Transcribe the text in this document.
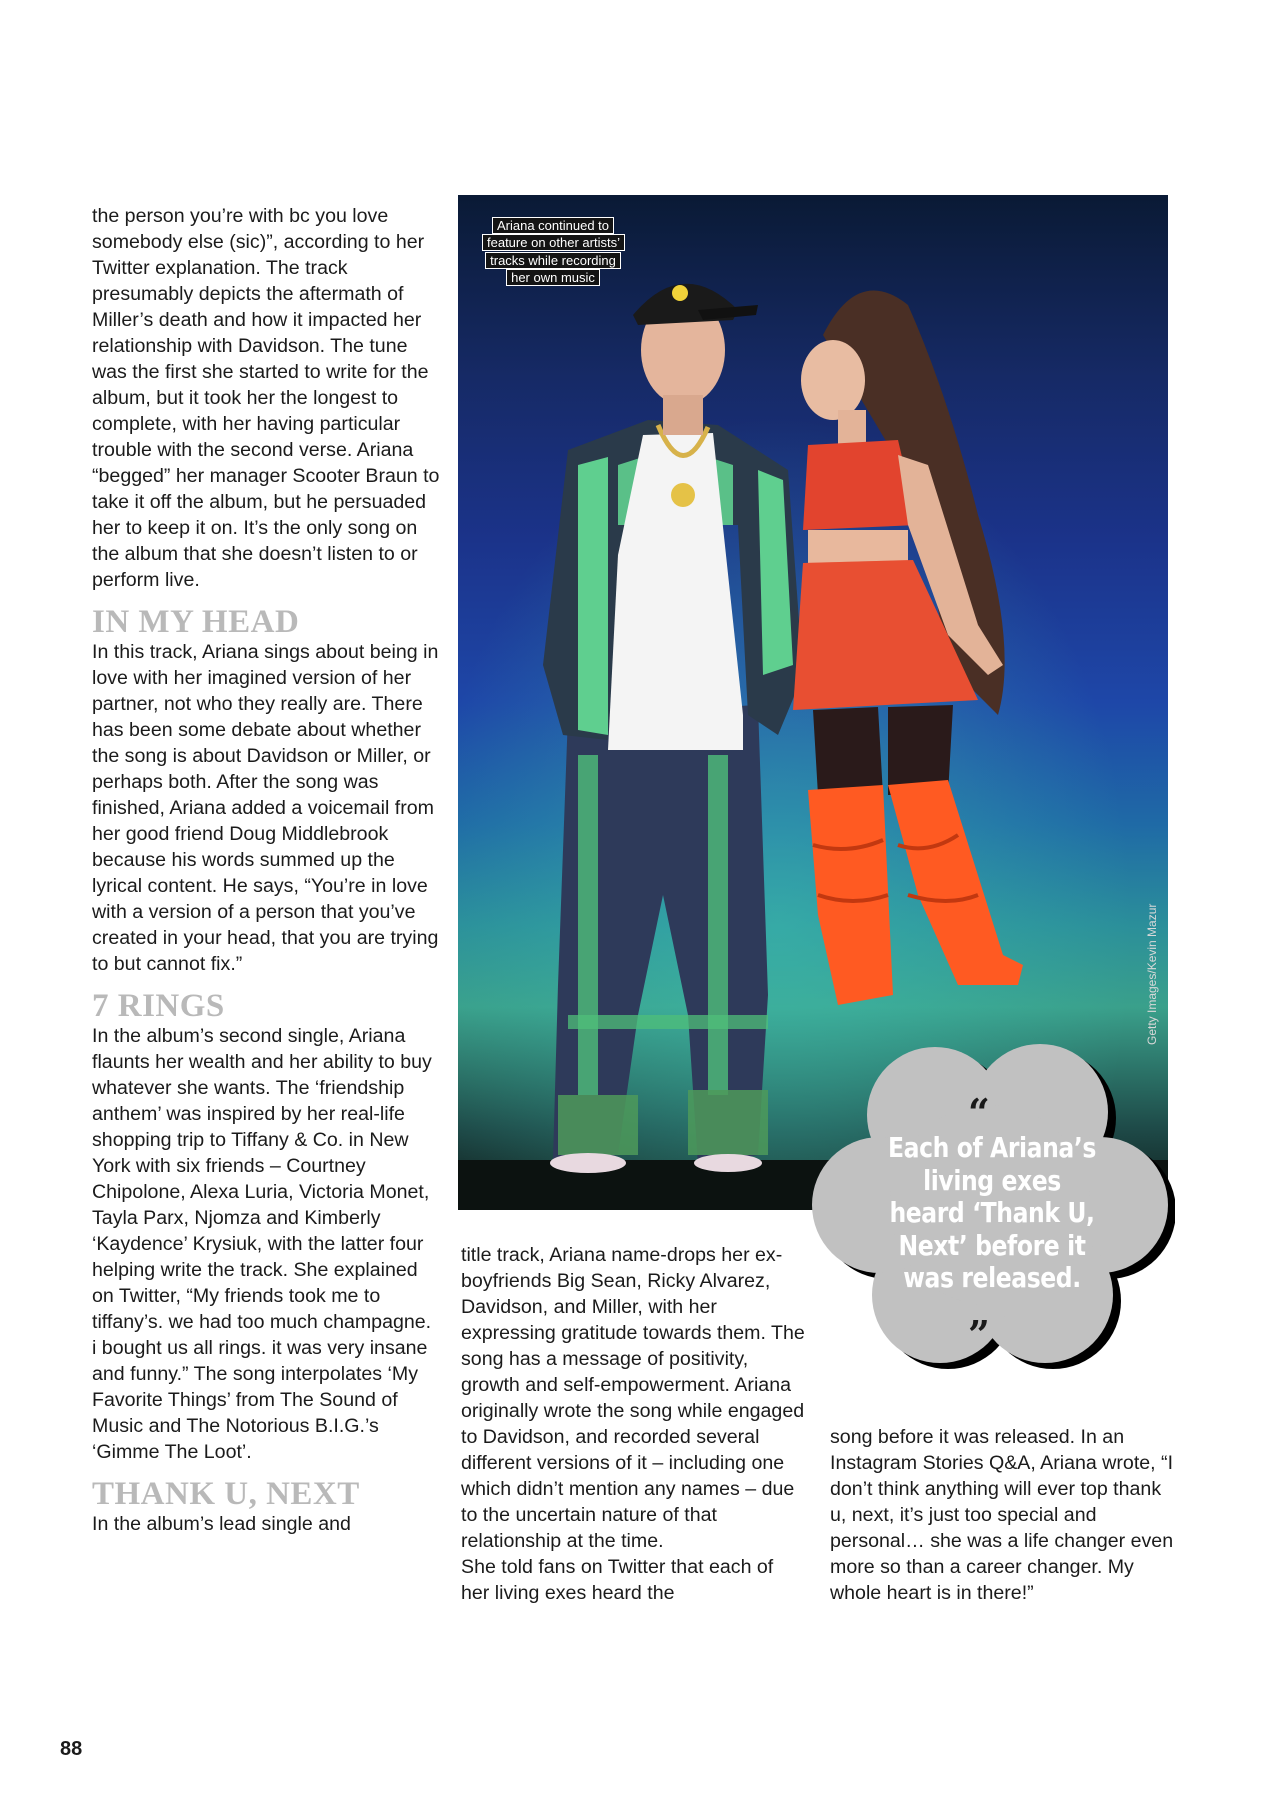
the person you’re with bc you love somebody else (sic)”, according to her Twitter explanation. The track presumably depicts the aftermath of Miller’s death and how it impacted her relationship with Davidson. The tune was the first she started to write for the album, but it took her the longest to complete, with her having particular trouble with the second verse. Ariana “begged” her manager Scooter Braun to take it off the album, but he persuaded her to keep it on. It’s the only song on the album that she doesn’t listen to or perform live.

IN MY HEAD

In this track, Ariana sings about being in love with her imagined version of her partner, not who they really are. There has been some debate about whether the song is about Davidson or Miller, or perhaps both. After the song was finished, Ariana added a voicemail from her good friend Doug Middlebrook because his words summed up the lyrical content. He says, “You’re in love with a version of a person that you’ve created in your head, that you are trying to but cannot fix.”

7 RINGS

In the album’s second single, Ariana flaunts her wealth and her ability to buy whatever she wants. The ‘friendship anthem’ was inspired by her real-life shopping trip to Tiffany & Co. in New York with six friends – Courtney Chipolone, Alexa Luria, Victoria Monet, Tayla Parx, Njomza and Kimberly ‘Kaydence’ Krysiuk, with the latter four helping write the track. She explained on Twitter, “My friends took me to tiffany’s. we had too much champagne. i bought us all rings. it was very insane and funny.” The song interpolates ‘My Favorite Things’ from The Sound of Music and The Notorious B.I.G.’s ‘Gimme The Loot’.

THANK U, NEXT

In the album’s lead single and

Ariana continued to feature on other artists’ tracks while recording her own music
Getty Images/Kevin Mazur
“
Each of Ariana’s living exes heard ‘Thank U, Next’ before it was released.
”

title track, Ariana name-drops her ex-boyfriends Big Sean, Ricky Alvarez, Davidson, and Miller, with her expressing gratitude towards them. The song has a message of positivity, growth and self-empowerment. Ariana originally wrote the song while engaged to Davidson, and recorded several different versions of it – including one which didn’t mention any names – due to the uncertain nature of that relationship at the time.

She told fans on Twitter that each of her living exes heard the

song before it was released. In an Instagram Stories Q&A, Ariana wrote, “I don’t think anything will ever top thank u, next, it’s just too special and personal… she was a life changer even more so than a career changer. My whole heart is in there!”

88
